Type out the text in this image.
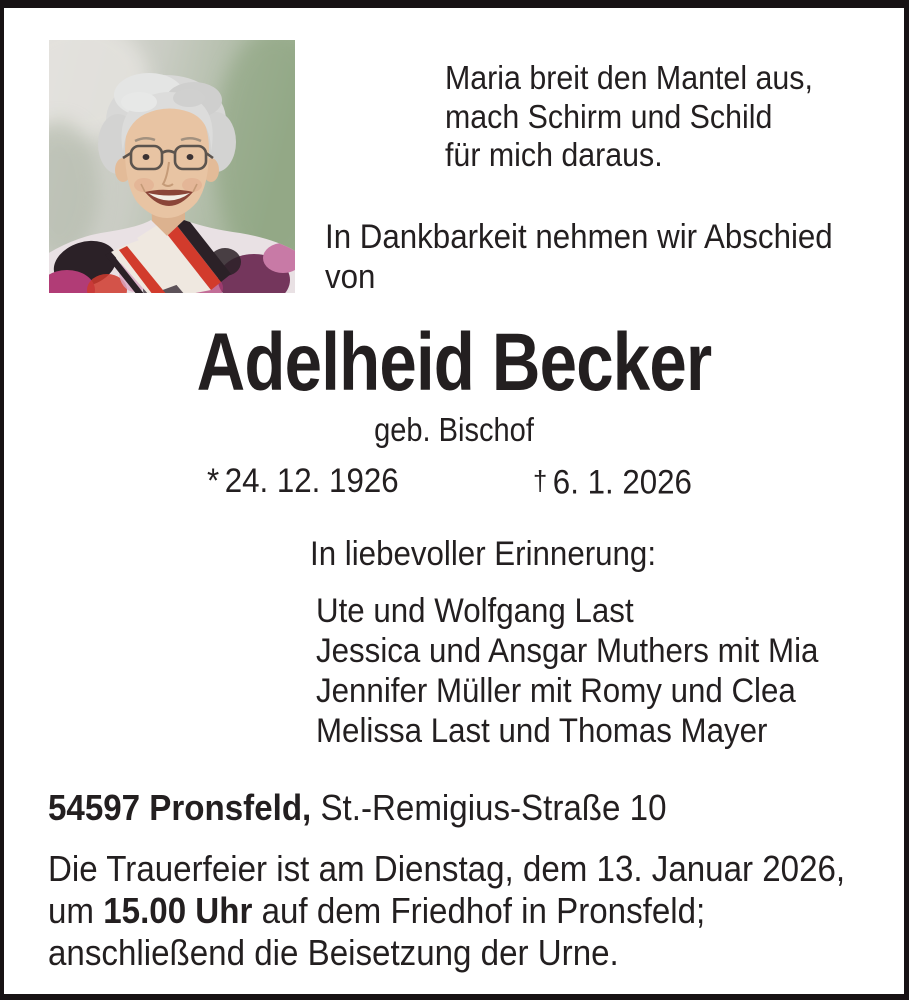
Maria breit den Mantel aus,
mach Schirm und Schild
für mich daraus.
In Dankbarkeit nehmen wir Abschied
von
Adelheid Becker
geb. Bischof
* 24. 12. 1926	† 6. 1. 2026
In liebevoller Erinnerung:
Ute und Wolfgang Last
Jessica und Ansgar Muthers mit Mia
Jennifer Müller mit Romy und Clea
Melissa Last und Thomas Mayer
54597 Pronsfeld, St.-Remigius-Straße 10
Die Trauerfeier ist am Dienstag, dem 13. Januar 2026,
um 15.00 Uhr auf dem Friedhof in Pronsfeld;
anschließend die Beisetzung der Urne.
